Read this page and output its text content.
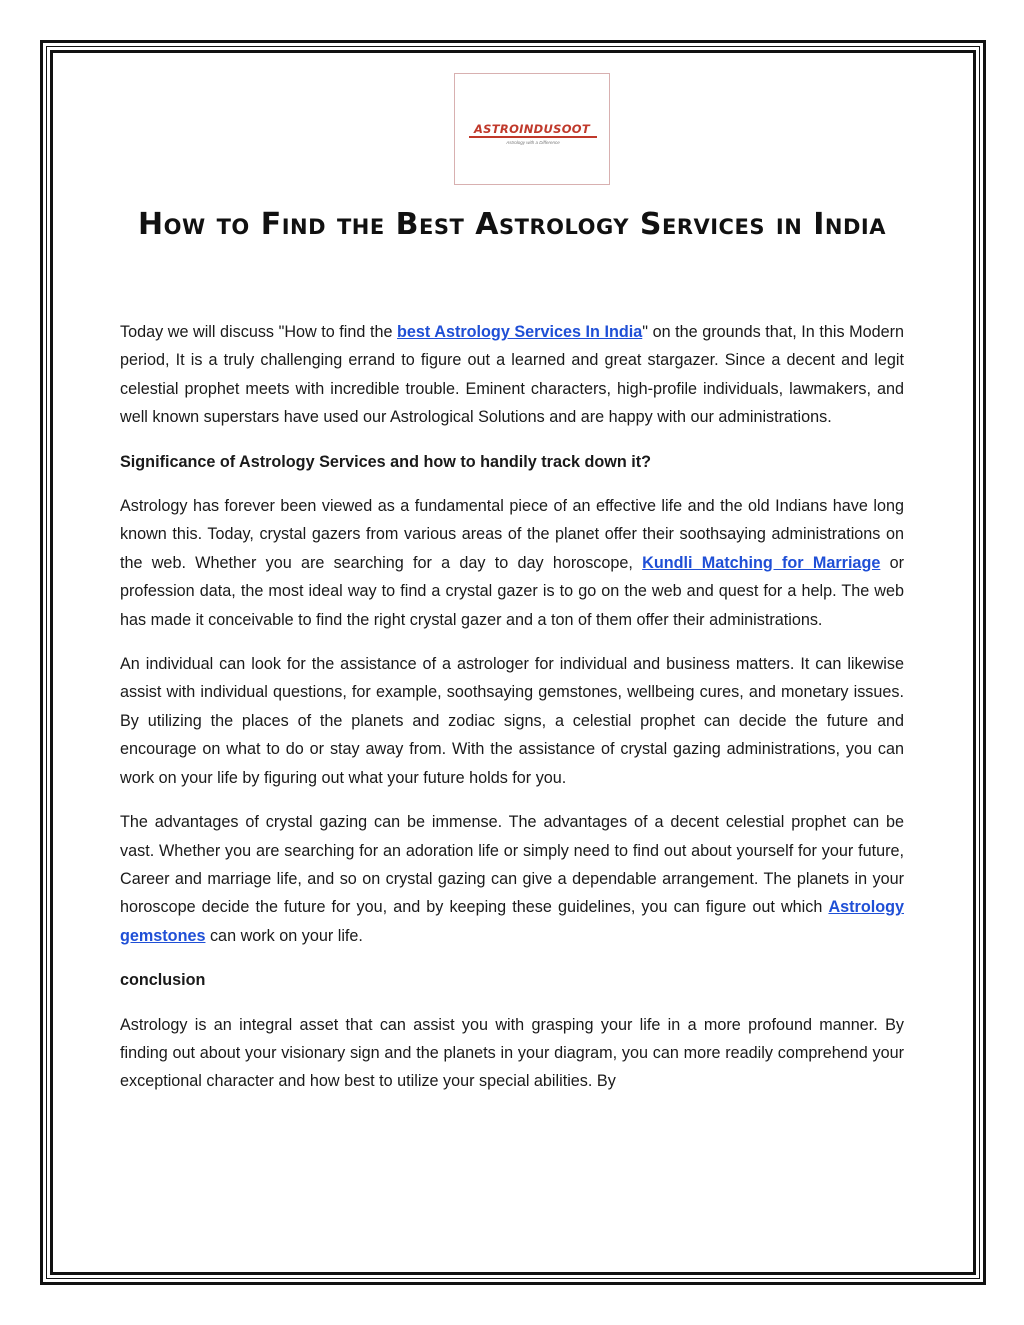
ASTROINDUSOOT
Astrology with a Difference
How to Find the Best Astrology Services in India

Today we will discuss "How to find the best Astrology Services In India" on the grounds that, In this Modern period, It is a truly challenging errand to figure out a learned and great stargazer. Since a decent and legit celestial prophet meets with incredible trouble. Eminent characters, high-profile individuals, lawmakers, and well known superstars have used our Astrological Solutions and are happy with our administrations.

Significance of Astrology Services and how to handily track down it?

Astrology has forever been viewed as a fundamental piece of an effective life and the old Indians have long known this. Today, crystal gazers from various areas of the planet offer their soothsaying administrations on the web. Whether you are searching for a day to day horoscope, Kundli Matching for Marriage or profession data, the most ideal way to find a crystal gazer is to go on the web and quest for a help. The web has made it conceivable to find the right crystal gazer and a ton of them offer their administrations.

An individual can look for the assistance of a astrologer for individual and business matters. It can likewise assist with individual questions, for example, soothsaying gemstones, wellbeing cures, and monetary issues. By utilizing the places of the planets and zodiac signs, a celestial prophet can decide the future and encourage on what to do or stay away from. With the assistance of crystal gazing administrations, you can work on your life by figuring out what your future holds for you.

The advantages of crystal gazing can be immense. The advantages of a decent celestial prophet can be vast. Whether you are searching for an adoration life or simply need to find out about yourself for your future, Career and marriage life, and so on crystal gazing can give a dependable arrangement. The planets in your horoscope decide the future for you, and by keeping these guidelines, you can figure out which Astrology gemstones can work on your life.

conclusion

Astrology is an integral asset that can assist you with grasping your life in a more profound manner. By finding out about your visionary sign and the planets in your diagram, you can more readily comprehend your exceptional character and how best to utilize your special abilities. By
